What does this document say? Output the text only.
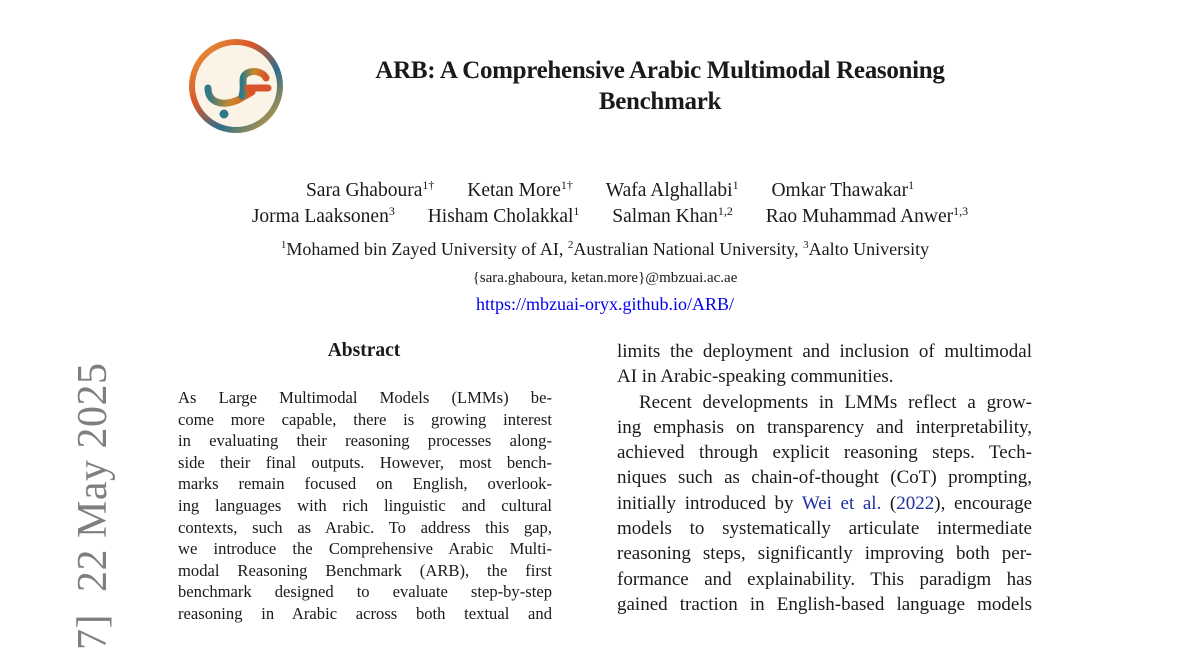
ARB: A Comprehensive Arabic Multimodal Reasoning
Benchmark
Sara Ghaboura$^{1\dagger}$ Ketan More$^{1\dagger}$ Wafa Alghallabi$^1$ Omkar Thawakar$^1$
Jorma Laaksonen$^3$ Hisham Cholakkal$^1$ Salman Khan$^{1,2}$ Rao Muhammad Anwer$^{1,3}$
$^1$Mohamed bin Zayed University of AI, $^2$Australian National University, $^3$Aalto University
{sara.ghaboura, ketan.more}@mbzuai.ac.ae
https://mbzuai-oryx.github.io/ARB/
Abstract
As Large Multimodal Models (LMMs) be-
come more capable, there is growing interest
in evaluating their reasoning processes along-
side their final outputs. However, most bench-
marks remain focused on English, overlook-
ing languages with rich linguistic and cultural
contexts, such as Arabic. To address this gap,
we introduce the Comprehensive Arabic Multi-
modal Reasoning Benchmark (ARB), the first
benchmark designed to evaluate step-by-step
reasoning in Arabic across both textual and
limits the deployment and inclusion of multimodal
AI in Arabic-speaking communities.
Recent developments in LMMs reflect a grow-
ing emphasis on transparency and interpretability,
achieved through explicit reasoning steps. Tech-
niques such as chain-of-thought (CoT) prompting,
initially introduced by Wei et al. (2022), encourage
models to systematically articulate intermediate
reasoning steps, significantly improving both per-
formance and explainability. This paradigm has
gained traction in English-based language models
7]  22 May 2025
